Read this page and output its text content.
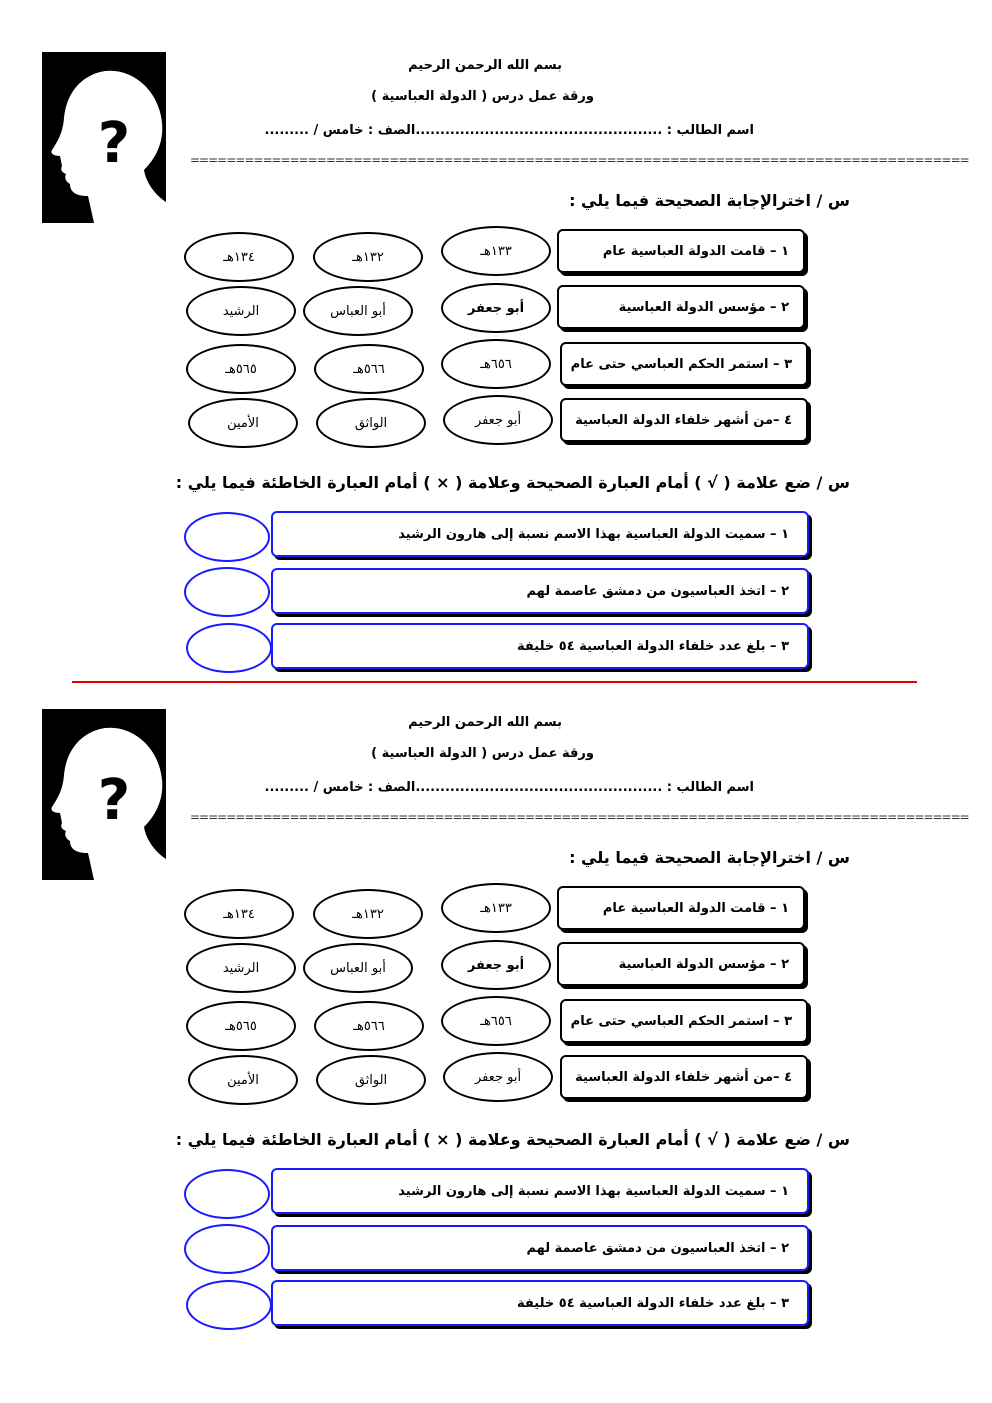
?
بسم الله الرحمن الرحيم
ورقة عمل درس ( الدولة العباسية )
اسم الطالب : ..................................................الصف : خامس / .........
======================================================================================
س / اخترالإجابة الصحيحة فيما يلي :
١ – قامت الدولة العباسية عام
١٣٣هـ
١٣٢هـ
١٣٤هـ
٢ – مؤسس الدولة العباسية
أبو جعفر
أبو العباس
الرشيد
٣ – استمر الحكم العباسي حتى عام
٦٥٦هـ
٥٦٦هـ
٥٦٥هـ
٤ –من أشهر خلفاء الدولة العباسية
أبو جعفر
الواثق
الأمين
س / ضع علامة ( √ ) أمام العبارة الصحيحة وعلامة ( × ) أمام العبارة الخاطئة فيما يلي :
١ – سميت الدولة العباسية بهذا الاسم نسبة إلى هارون الرشيد
٢ – اتخذ العباسيون من دمشق عاصمة لهم
٣ – بلغ عدد خلفاء الدولة العباسية ٥٤ خليفة
?
بسم الله الرحمن الرحيم
ورقة عمل درس ( الدولة العباسية )
اسم الطالب : ..................................................الصف : خامس / .........
======================================================================================
س / اخترالإجابة الصحيحة فيما يلي :
١ – قامت الدولة العباسية عام
١٣٣هـ
١٣٢هـ
١٣٤هـ
٢ – مؤسس الدولة العباسية
أبو جعفر
أبو العباس
الرشيد
٣ – استمر الحكم العباسي حتى عام
٦٥٦هـ
٥٦٦هـ
٥٦٥هـ
٤ –من أشهر خلفاء الدولة العباسية
أبو جعفر
الواثق
الأمين
س / ضع علامة ( √ ) أمام العبارة الصحيحة وعلامة ( × ) أمام العبارة الخاطئة فيما يلي :
١ – سميت الدولة العباسية بهذا الاسم نسبة إلى هارون الرشيد
٢ – اتخذ العباسيون من دمشق عاصمة لهم
٣ – بلغ عدد خلفاء الدولة العباسية ٥٤ خليفة
